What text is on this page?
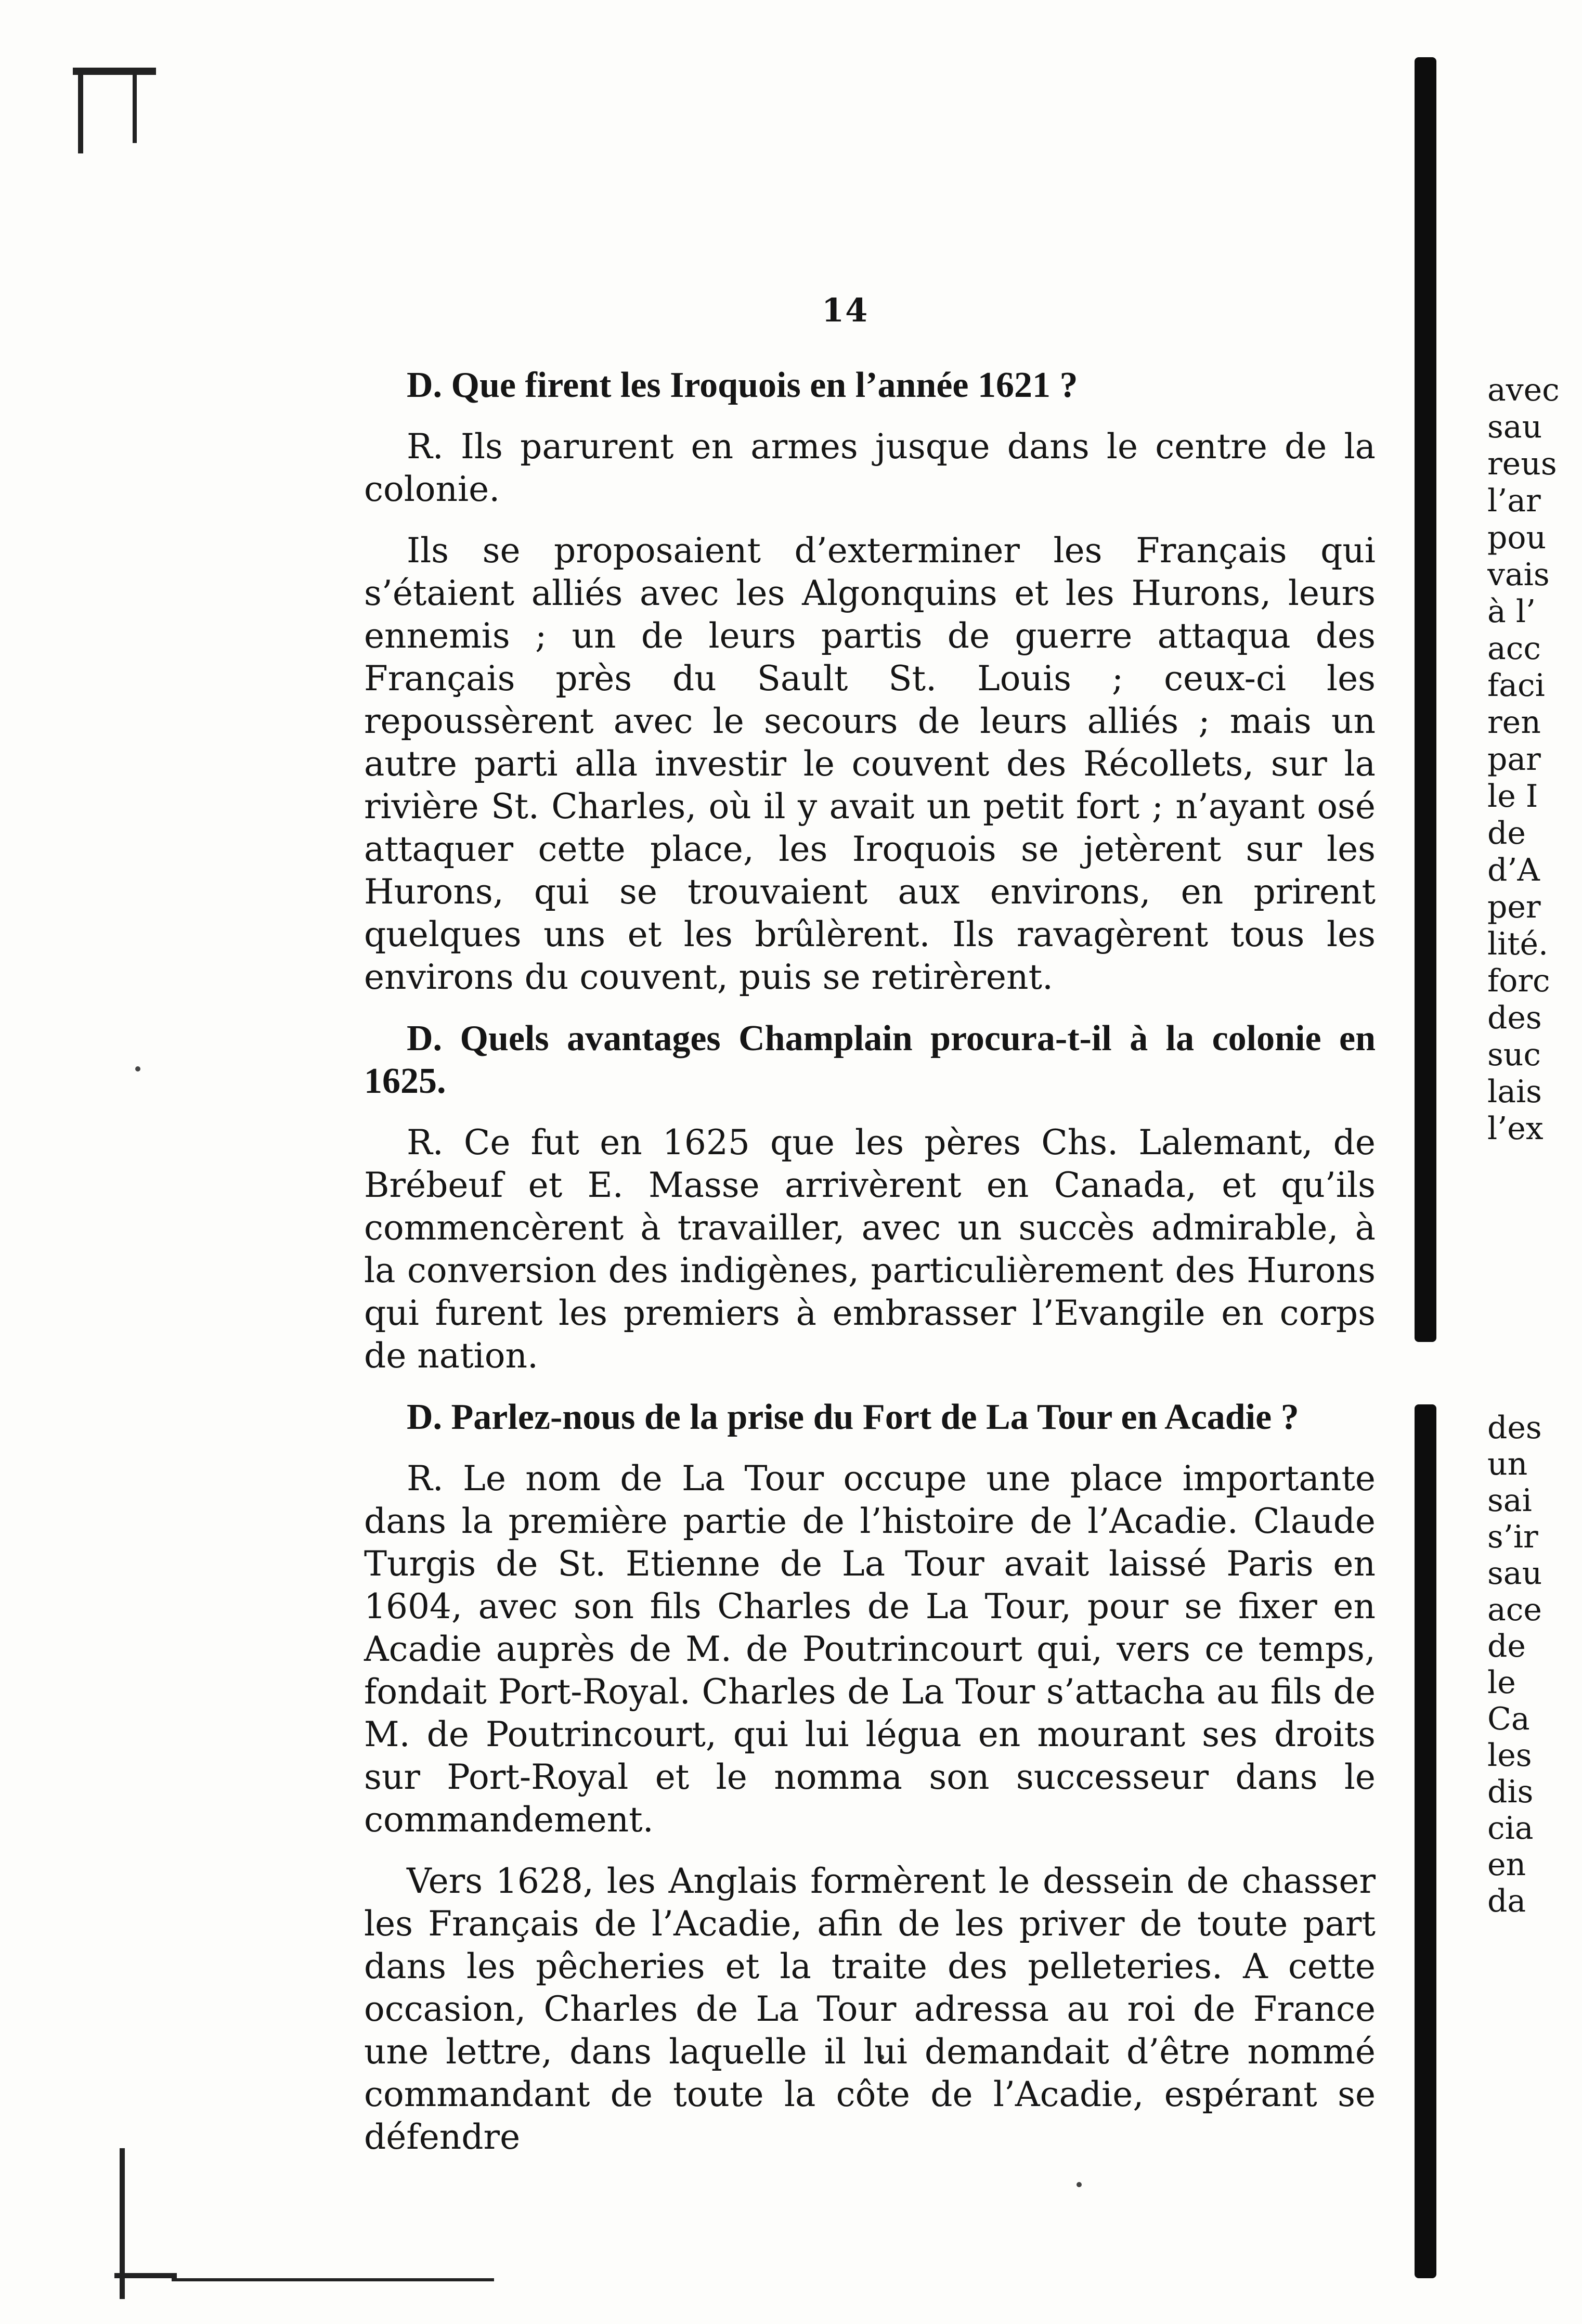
14

D. Que firent les Iroquois en l’année 1621 ?

R. Ils parurent en armes jusque dans le centre de la colonie.

Ils se proposaient d’exterminer les Français qui s’étaient alliés avec les Algonquins et les Hurons, leurs ennemis ; un de leurs partis de guerre attaqua des Français près du Sault St. Louis ; ceux-ci les repoussèrent avec le secours de leurs alliés ; mais un autre parti alla investir le couvent des Récollets, sur la rivière St. Charles, où il y avait un petit fort ; n’ayant osé attaquer cette place, les Iroquois se jetèrent sur les Hurons, qui se trouvaient aux environs, en prirent quelques uns et les brûlèrent. Ils ravagèrent tous les environs du couvent, puis se retirèrent.

D. Quels avantages Champlain procura-t-il à la colonie en 1625.

R. Ce fut en 1625 que les pères Chs. Lalemant, de Brébeuf et E. Masse arrivèrent en Canada, et qu’ils commencèrent à travailler, avec un succès admirable, à la conversion des indigènes, particulièrement des Hurons qui furent les premiers à embrasser l’Evangile en corps de nation.

D. Parlez-nous de la prise du Fort de La Tour en Acadie ?

R. Le nom de La Tour occupe une place importante dans la première partie de l’histoire de l’Acadie. Claude Turgis de St. Etienne de La Tour avait laissé Paris en 1604, avec son fils Charles de La Tour, pour se fixer en Acadie auprès de M. de Poutrincourt qui, vers ce temps, fondait Port-Royal. Charles de La Tour s’attacha au fils de M. de Poutrincourt, qui lui légua en mourant ses droits sur Port-Royal et le nomma son successeur dans le commandement.

Vers 1628, les Anglais formèrent le dessein de chasser les Français de l’Acadie, afin de les priver de toute part dans les pêcheries et la traite des pelleteries. A cette occasion, Charles de La Tour adressa au roi de France une lettre, dans laquelle il lui demandait d’être nommé commandant de toute la côte de l’Acadie, espérant se défendre

avec
sau
reus
l’ar
pou
vais
à l’
acc
faci
ren
par
le I
de
d’A
per
lité.
forc
des
suc
lais
l’ex
des
un
sai
s’ir
sau
ace
de
le
Ca
les
dis
cia
en
da
